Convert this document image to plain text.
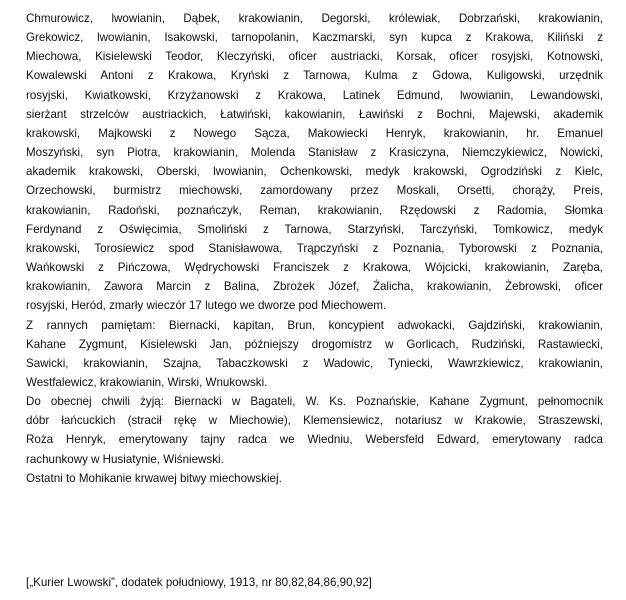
Chmurowicz, lwowianin, Dąbek, krakowianin, Degorski, królewiak, Dobrzański, krakowianin,
Grekowicz, lwowianin, Isakowski, tarnopolanin, Kaczmarski, syn kupca z Krakowa, Kiliński z
Miechowa, Kisielewski Teodor, Kleczyński, oficer austriacki, Korsak, oficer rosyjski, Kotnowski,
Kowalewski Antoni z Krakowa, Kryński z Tarnowa, Kulma z Gdowa, Kuligowski, urzędnik
rosyjski, Kwiatkowski, Krzyżanowski z Krakowa, Latinek Edmund, lwowianin, Lewandowski,
sierżant strzelców austriackich, Łatwiński, kakowianin, Ławiński z Bochni, Majewski, akademik
krakowski, Majkowski z Nowego Sącza, Makowiecki Henryk, krakowianin, hr. Emanuel
Moszyński, syn Piotra, krakowianin, Molenda Stanisław z Krasiczyna, Niemczykiewicz, Nowicki,
akademik krakowski, Oberski, lwowianin, Ochenkowski, medyk krakowski, Ogrodziński z Kielc,
Orzechowski, burmistrz miechowski, zamordowany przez Moskali, Orsetti, chorąży, Preis,
krakowianin, Radoński, poznańczyk, Reman, krakowianin, Rzędowski z Radomia, Słomka
Ferdynand z Oświęcimia, Smoliński z Tarnowa, Starzyński, Tarczyński, Tomkowicz, medyk
krakowski, Torosiewicz spod Stanisławowa, Trąpczyński z Poznania, Tyborowski z Poznania,
Wańkowski z Pińczowa, Wędrychowski Franciszek z Krakowa, Wójcicki, krakowianin, Zaręba,
krakowianin, Zawora Marcin z Balina, Zbrożek Józef, Żalicha, krakowianin, Żebrowski, oficer
rosyjski, Heród, zmarły wieczór 17 lutego we dworze pod Miechowem.

Z rannych pamiętam: Biernacki, kapitan, Brun, koncypient adwokacki, Gajdziński, krakowianin,
Kahane Zygmunt, Kisielewski Jan, późniejszy drogomistrz w Gorlicach, Rudziński, Rastawiecki,
Sawicki, krakowianin, Szajna, Tabaczkowski z Wadowic, Tyniecki, Wawrzkiewicz, krakowianin,
Westfalewicz, krakowianin, Wirski, Wnukowski.

Do obecnej chwili żyją: Biernacki w Bagateli, W. Ks. Poznańskie, Kahane Zygmunt, pełnomocnik
dóbr łańcuckich (stracił rękę w Miechowie), Klemensiewicz, notariusz w Krakowie, Straszewski,
Roża Henryk, emerytowany tajny radca we Wiedniu, Webersfeld Edward, emerytowany radca
rachunkowy w Husiatynie, Wiśniewski.

Ostatni to Mohikanie krwawej bitwy miechowskiej.

[„Kurier Lwowski”, dodatek południowy, 1913, nr 80,82,84,86,90,92]
